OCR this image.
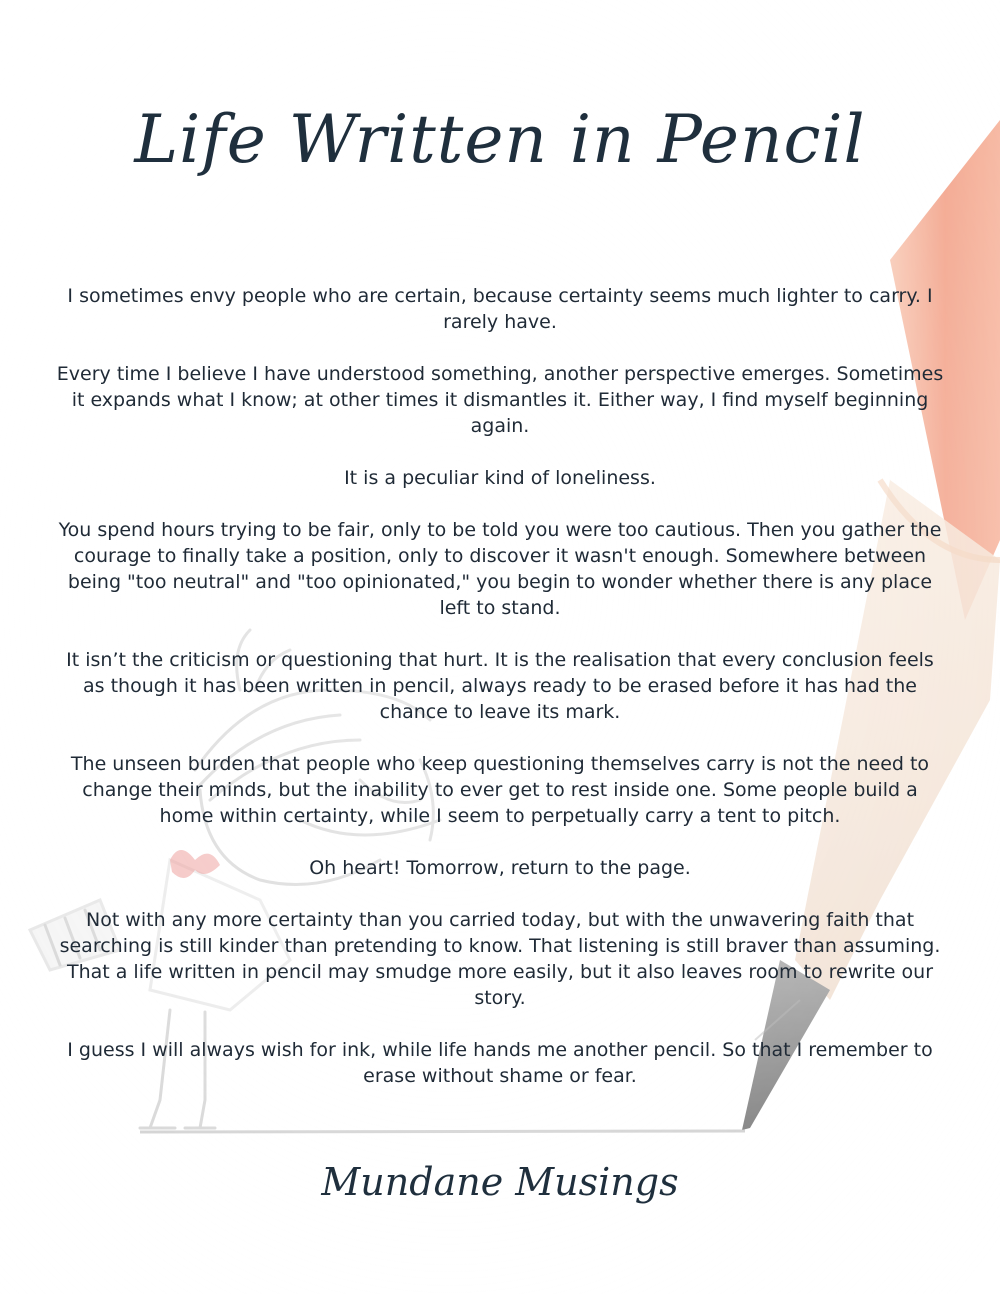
Life Written in Pencil

I sometimes envy people who are certain, because certainty seems much lighter to carry. I rarely have.

Every time I believe I have understood something, another perspective emerges. Sometimes it expands what I know; at other times it dismantles it. Either way, I find myself beginning again.

It is a peculiar kind of loneliness.

You spend hours trying to be fair, only to be told you were too cautious. Then you gather the courage to finally take a position, only to discover it wasn't enough. Somewhere between being "too neutral" and "too opinionated," you begin to wonder whether there is any place left to stand.

It isn’t the criticism or questioning that hurt. It is the realisation that every conclusion feels as though it has been written in pencil, always ready to be erased before it has had the chance to leave its mark.

The unseen burden that people who keep questioning themselves carry is not the need to change their minds, but the inability to ever get to rest inside one. Some people build a home within certainty, while I seem to perpetually carry a tent to pitch.

Oh heart! Tomorrow, return to the page.

Not with any more certainty than you carried today, but with the unwavering faith that searching is still kinder than pretending to know. That listening is still braver than assuming. That a life written in pencil may smudge more easily, but it also leaves room to rewrite our story.

I guess I will always wish for ink, while life hands me another pencil. So that I remember to erase without shame or fear.

Mundane Musings
